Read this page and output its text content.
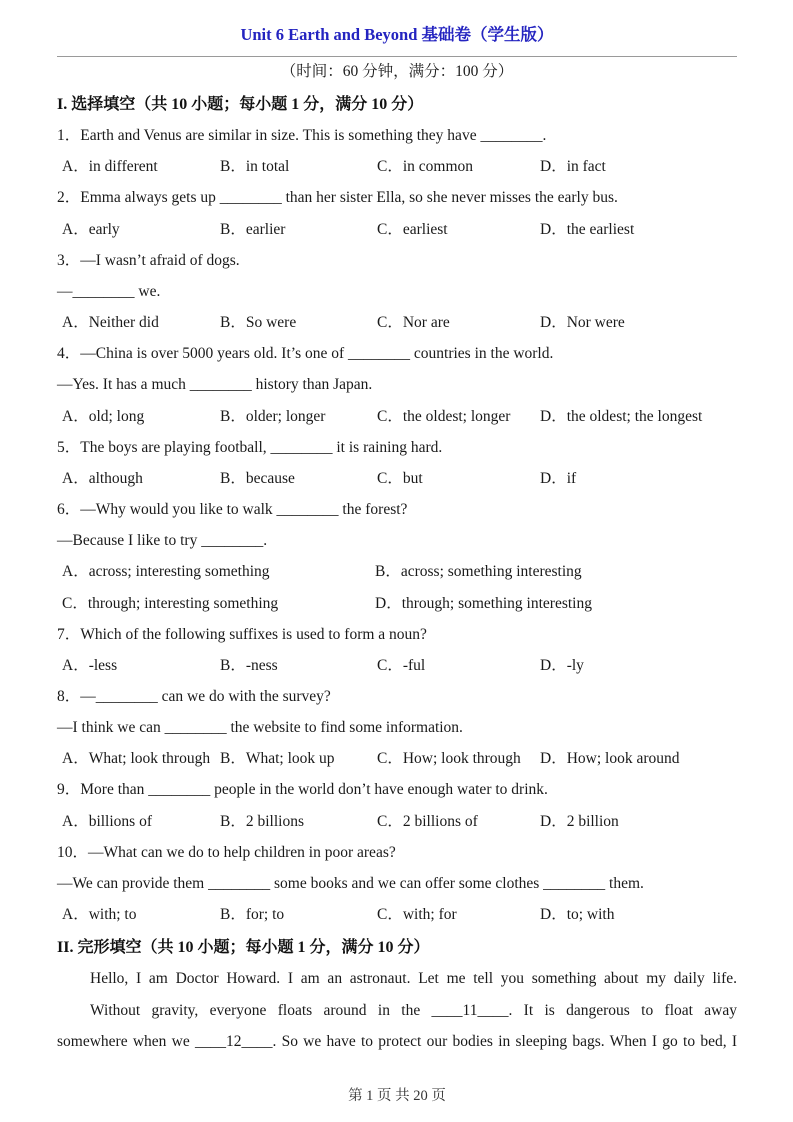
Unit 6 Earth and Beyond 基础卷（学生版）
（时间：60 分钟，满分：100 分）
I. 选择填空（共 10 小题；每小题 1 分，满分 10 分）
1．Earth and Venus are similar in size. This is something they have ________.
A．in different	B．in total	C．in common	D．in fact
2．Emma always gets up ________ than her sister Ella, so she never misses the early bus.
A．early	B．earlier	C．earliest	D．the earliest
3．—I wasn’t afraid of dogs.
—________ we.
A．Neither did	B．So were	C．Nor are	D．Nor were
4．—China is over 5000 years old. It’s one of ________ countries in the world.
—Yes. It has a much ________ history than Japan.
A．old; long	B．older; longer	C．the oldest; longer	D．the oldest; the longest
5．The boys are playing football, ________ it is raining hard.
A．although	B．because	C．but	D．if
6．—Why would you like to walk ________ the forest?
—Because I like to try ________.
A．across; interesting something	B．across; something interesting
C．through; interesting something	D．through; something interesting
7．Which of the following suffixes is used to form a noun?
A．-less	B．-ness	C．-ful	D．-ly
8．—________ can we do with the survey?
—I think we can ________ the website to find some information.
A．What; look through B．What; look up	C．How; look through	D．How; look around
9．More than ________ people in the world don’t have enough water to drink.
A．billions of	B．2 billions	C．2 billions of	D．2 billion
10．—What can we do to help children in poor areas?
—We can provide them ________ some books and we can offer some clothes ________ them.
A．with; to	B．for; to	C．with; for	D．to; with
II. 完形填空（共 10 小题；每小题 1 分，满分 10 分）
Hello, I am Doctor Howard. I am an astronaut. Let me tell you something about my daily life.
Without gravity, everyone floats around in the ____11____. It is dangerous to float away
somewhere when we ____12____. So we have to protect our bodies in sleeping bags. When I go to bed, I
第 1 页 共 20 页
